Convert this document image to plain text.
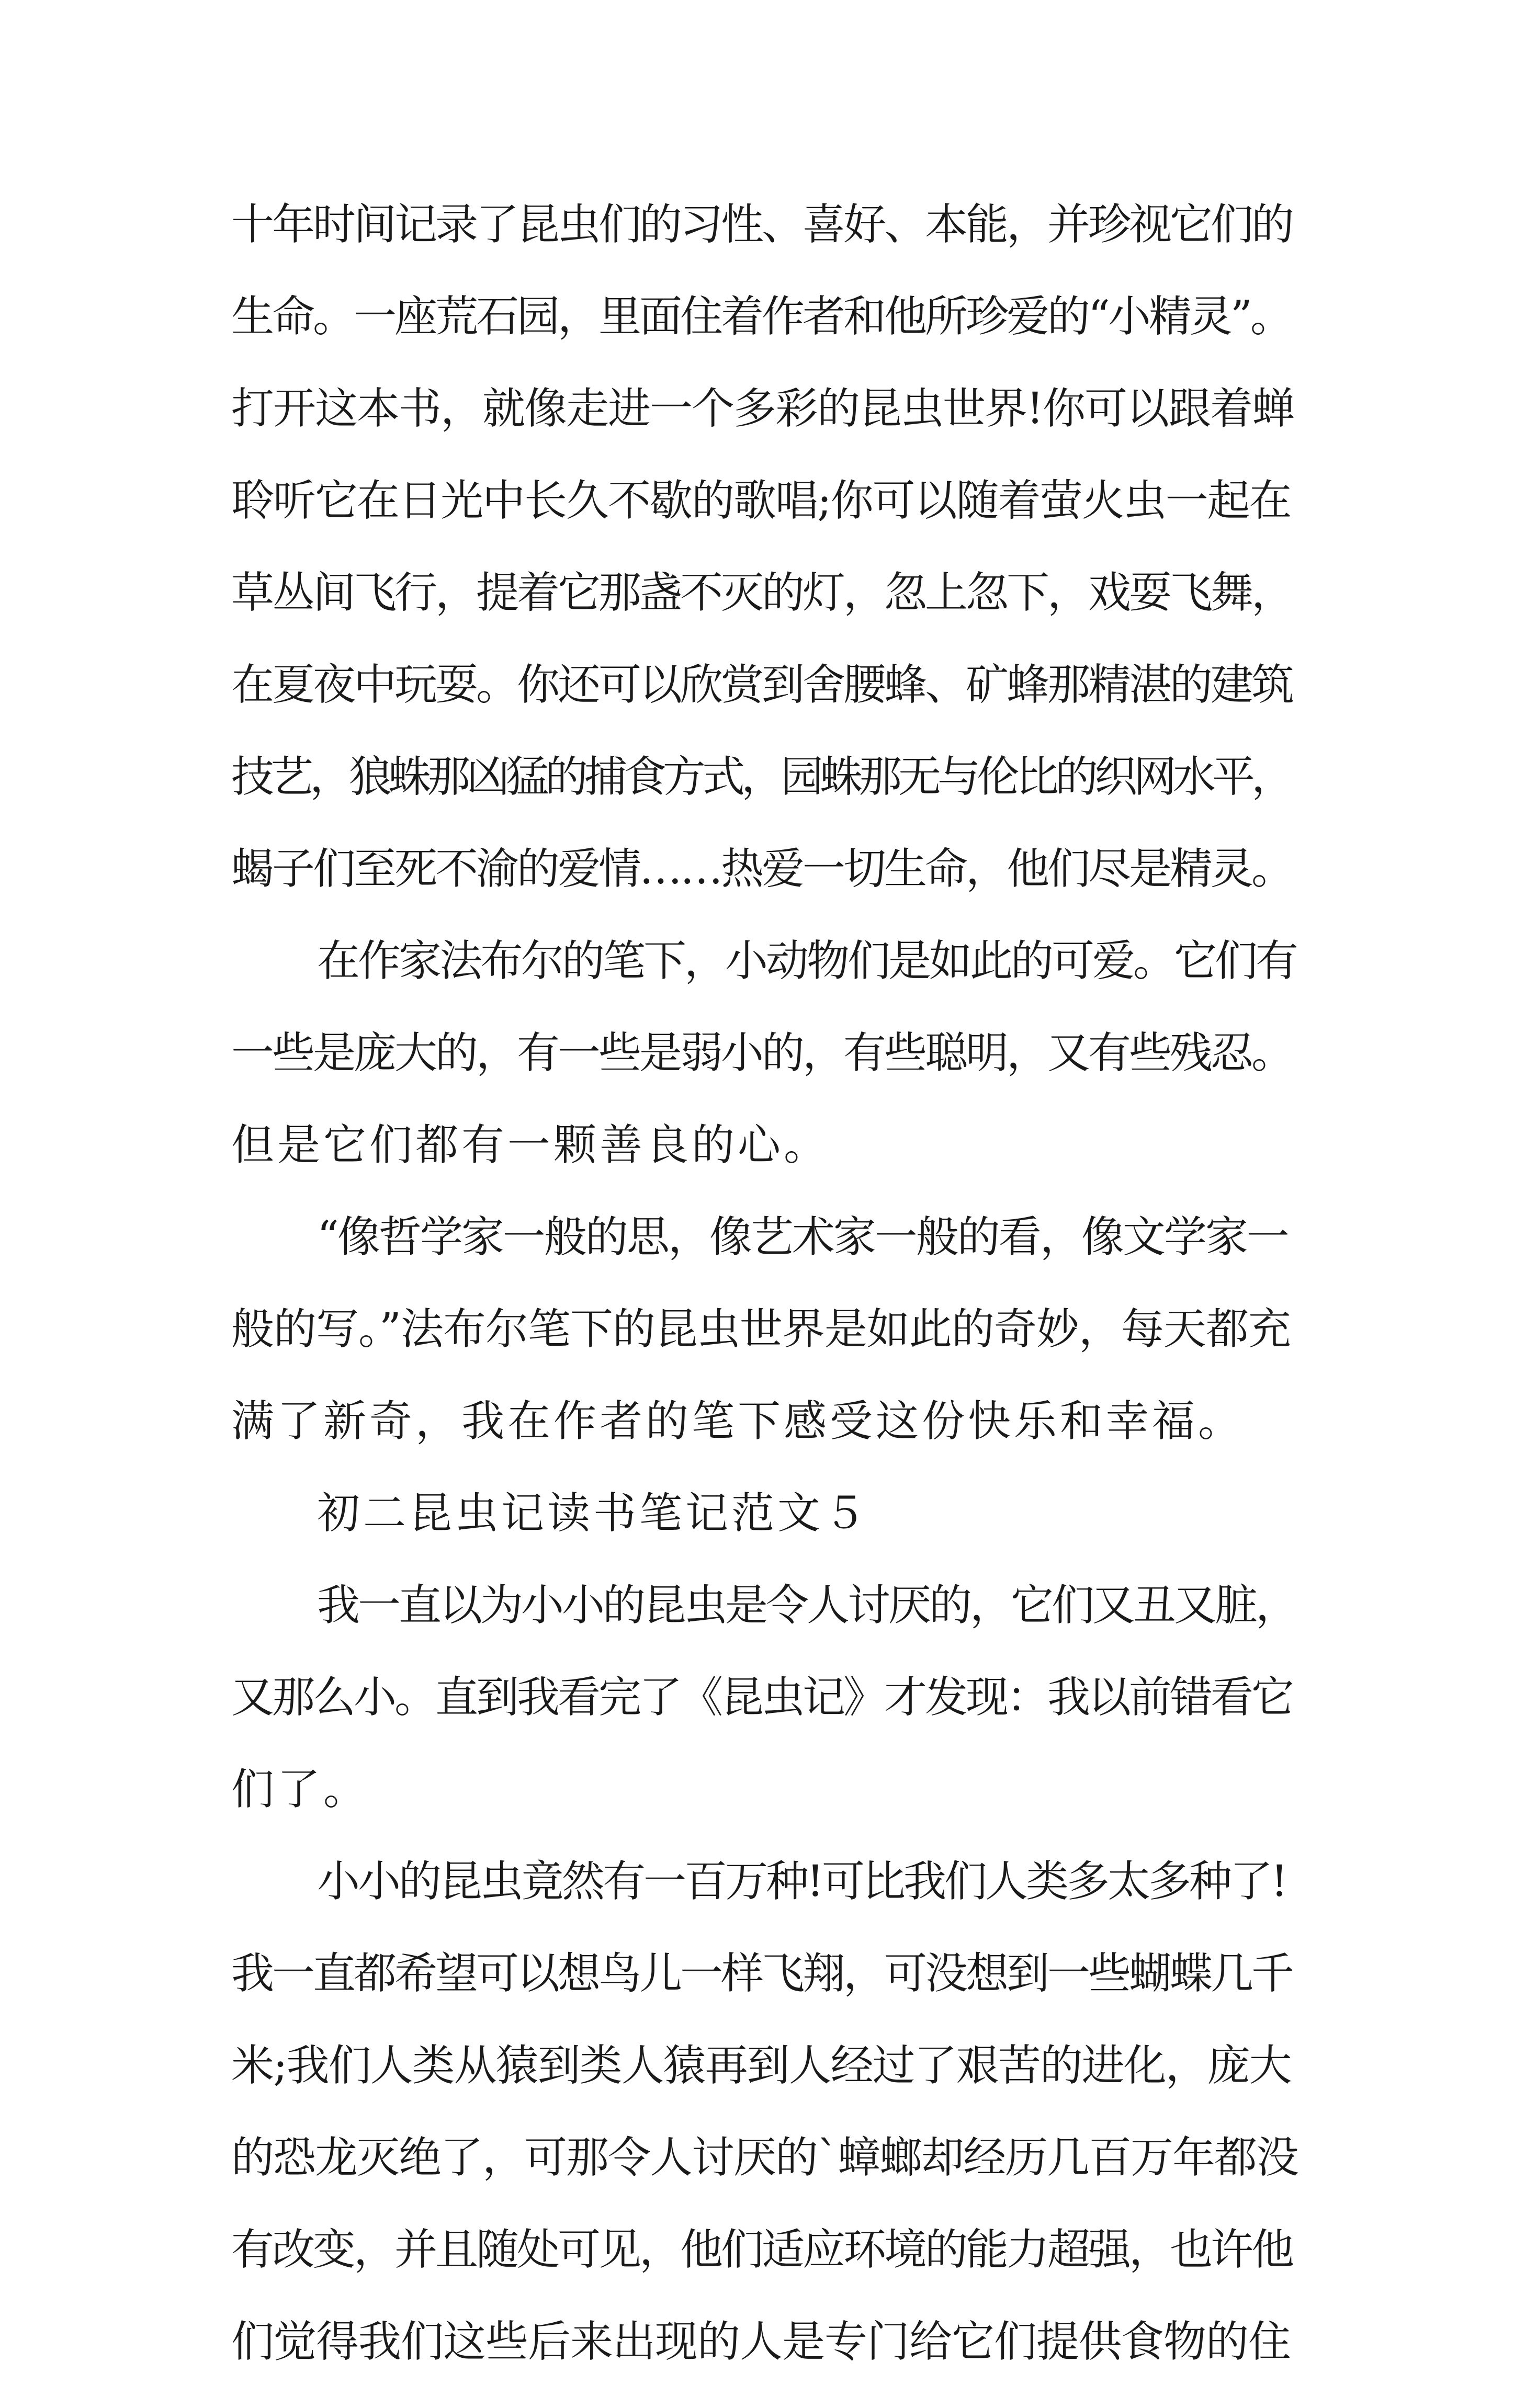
十年时间记录了昆虫们的习性、喜好、本能，并珍视它们的
生命。一座荒石园，里面住着作者和他所珍爱的“小精灵”。
打开这本书，就像走进一个多彩的昆虫世界!你可以跟着蝉
聆听它在日光中长久不歇的歌唱;你可以随着萤火虫一起在
草丛间飞行，提着它那盏不灭的灯，忽上忽下，戏耍飞舞，
在夏夜中玩耍。你还可以欣赏到舍腰蜂、矿蜂那精湛的建筑
技艺，狼蛛那凶猛的捕食方式，园蛛那无与伦比的织网水平，
蝎子们至死不渝的爱情……热爱一切生命，他们尽是精灵。
在作家法布尔的笔下，小动物们是如此的可爱。它们有
一些是庞大的，有一些是弱小的，有些聪明，又有些残忍。
但是它们都有一颗善良的心。
“像哲学家一般的思，像艺术家一般的看，像文学家一
般的写。”法布尔笔下的昆虫世界是如此的奇妙，每天都充
满了新奇，我在作者的笔下感受这份快乐和幸福。
初二昆虫记读书笔记范文５
我一直以为小小的昆虫是令人讨厌的，它们又丑又脏，
又那么小。直到我看完了《昆虫记》才发现：我以前错看它
们了。
小小的昆虫竟然有一百万种!可比我们人类多太多种了!
我一直都希望可以想鸟儿一样飞翔，可没想到一些蝴蝶几千
米;我们人类从猿到类人猿再到人经过了艰苦的进化，庞大
的恐龙灭绝了，可那令人讨厌的`蟑螂却经历几百万年都没
有改变，并且随处可见，他们适应环境的能力超强，也许他
们觉得我们这些后来出现的人是专门给它们提供食物的住
